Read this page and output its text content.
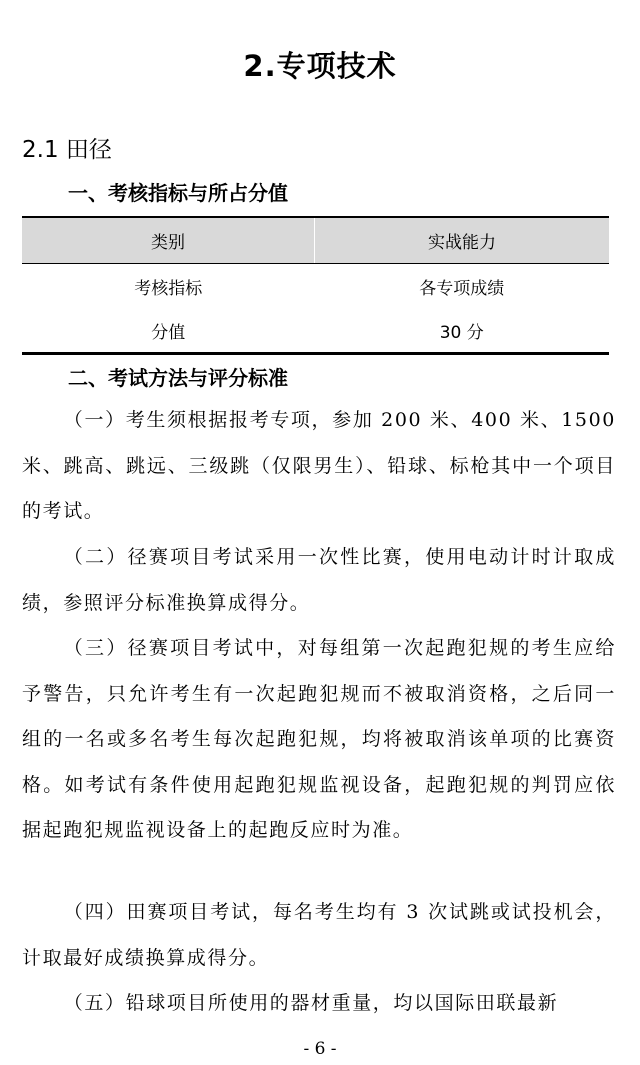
2.专项技术
2.1 田径
一、考核指标与所占分值
类别	实战能力
考核指标	各专项成绩
分值	30 分
二、考试方法与评分标准

（一）考生须根据报考专项，参加 200 米、400 米、1500 米、跳高、跳远、三级跳（仅限男生）、铅球、标枪其中一个项目的考试。

（二）径赛项目考试采用一次性比赛，使用电动计时计取成绩，参照评分标准换算成得分。

（三）径赛项目考试中，对每组第一次起跑犯规的考生应给予警告，只允许考生有一次起跑犯规而不被取消资格，之后同一组的一名或多名考生每次起跑犯规，均将被取消该单项的比赛资格。如考试有条件使用起跑犯规监视设备，起跑犯规的判罚应依据起跑犯规监视设备上的起跑反应时为准。

（四）田赛项目考试，每名考生均有 3 次试跳或试投机会，计取最好成绩换算成得分。

（五）铅球项目所使用的器材重量，均以国际田联最新

- 6 -
